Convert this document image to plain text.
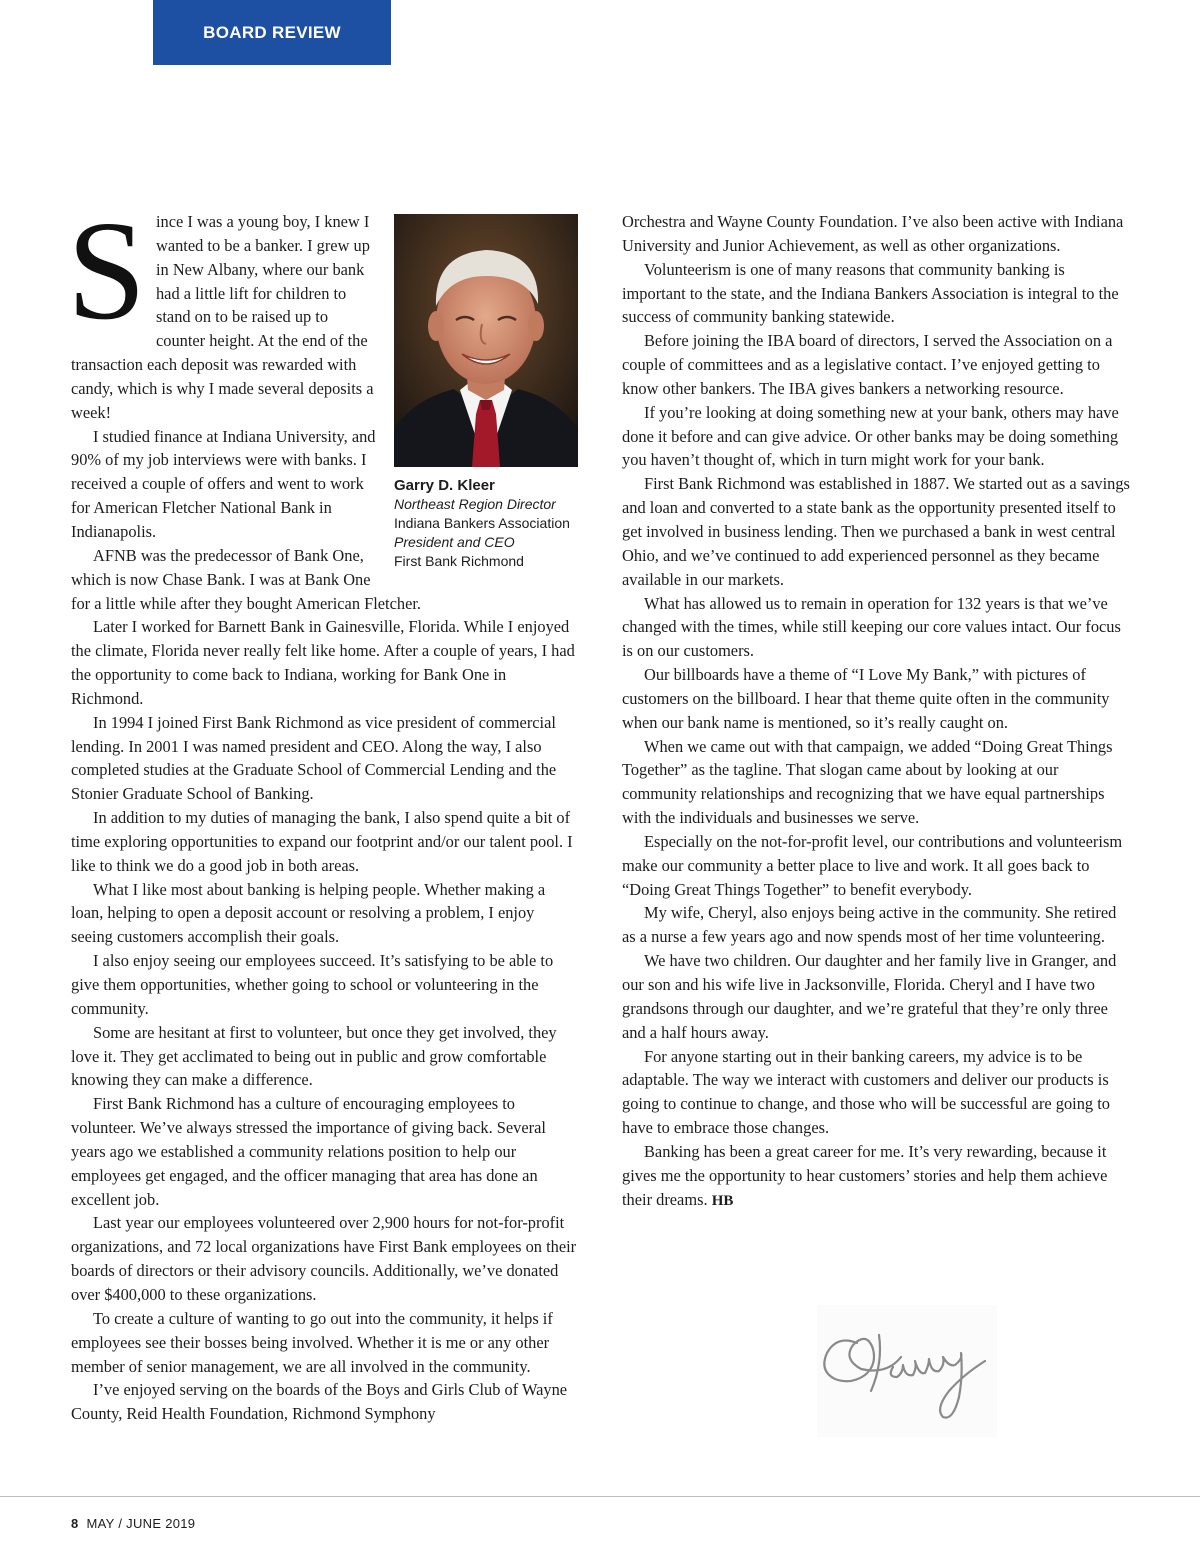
BOARD REVIEW
Garry D. Kleer
Northeast Region Director
Indiana Bankers Association
President and CEO
First Bank Richmond

Since I was a young boy, I knew I wanted to be a banker. I grew up in New Albany, where our bank had a little lift for children to stand on to be raised up to counter height. At the end of the transaction each deposit was rewarded with candy, which is why I made several deposits a week!

I studied finance at Indiana University, and 90% of my job interviews were with banks. I received a couple of offers and went to work for American Fletcher National Bank in Indianapolis.

AFNB was the predecessor of Bank One, which is now Chase Bank. I was at Bank One for a little while after they bought American Fletcher.

Later I worked for Barnett Bank in Gainesville, Florida. While I enjoyed the climate, Florida never really felt like home. After a couple of years, I had the opportunity to come back to Indiana, working for Bank One in Richmond.

In 1994 I joined First Bank Richmond as vice president of commercial lending. In 2001 I was named president and CEO. Along the way, I also completed studies at the Graduate School of Commercial Lending and the Stonier Graduate School of Banking.

In addition to my duties of managing the bank, I also spend quite a bit of time exploring opportunities to expand our footprint and/or our talent pool. I like to think we do a good job in both areas.

What I like most about banking is helping people. Whether making a loan, helping to open a deposit account or resolving a problem, I enjoy seeing customers accomplish their goals.

I also enjoy seeing our employees succeed. It’s satisfying to be able to give them opportunities, whether going to school or volunteering in the community.

Some are hesitant at first to volunteer, but once they get involved, they love it. They get acclimated to being out in public and grow comfortable knowing they can make a difference.

First Bank Richmond has a culture of encouraging employees to volunteer. We’ve always stressed the importance of giving back. Several years ago we established a community relations position to help our employees get engaged, and the officer managing that area has done an excellent job.

Last year our employees volunteered over 2,900 hours for not-for-profit organizations, and 72 local organizations have First Bank employees on their boards of directors or their advisory councils. Additionally, we’ve donated over $400,000 to these organizations.

To create a culture of wanting to go out into the community, it helps if employees see their bosses being involved. Whether it is me or any other member of senior management, we are all involved in the community.

I’ve enjoyed serving on the boards of the Boys and Girls Club of Wayne County, Reid Health Foundation, Richmond Symphony

Orchestra and Wayne County Foundation. I’ve also been active with Indiana University and Junior Achievement, as well as other organizations.

Volunteerism is one of many reasons that community banking is important to the state, and the Indiana Bankers Association is integral to the success of community banking statewide.

Before joining the IBA board of directors, I served the Association on a couple of committees and as a legislative contact. I’ve enjoyed getting to know other bankers. The IBA gives bankers a networking resource.

If you’re looking at doing something new at your bank, others may have done it before and can give advice. Or other banks may be doing something you haven’t thought of, which in turn might work for your bank.

First Bank Richmond was established in 1887. We started out as a savings and loan and converted to a state bank as the opportunity presented itself to get involved in business lending. Then we purchased a bank in west central Ohio, and we’ve continued to add experienced personnel as they became available in our markets.

What has allowed us to remain in operation for 132 years is that we’ve changed with the times, while still keeping our core values intact. Our focus is on our customers.

Our billboards have a theme of “I Love My Bank,” with pictures of customers on the billboard. I hear that theme quite often in the community when our bank name is mentioned, so it’s really caught on.

When we came out with that campaign, we added “Doing Great Things Together” as the tagline. That slogan came about by looking at our community relationships and recognizing that we have equal partnerships with the individuals and businesses we serve.

Especially on the not-for-profit level, our contributions and volunteerism make our community a better place to live and work. It all goes back to “Doing Great Things Together” to benefit everybody.

My wife, Cheryl, also enjoys being active in the community. She retired as a nurse a few years ago and now spends most of her time volunteering.

We have two children. Our daughter and her family live in Granger, and our son and his wife live in Jacksonville, Florida. Cheryl and I have two grandsons through our daughter, and we’re grateful that they’re only three and a half hours away.

For anyone starting out in their banking careers, my advice is to be adaptable. The way we interact with customers and deliver our products is going to continue to change, and those who will be successful are going to have to embrace those changes.

Banking has been a great career for me. It’s very rewarding, because it gives me the opportunity to hear customers’ stories and help them achieve their dreams. HB

8 MAY / JUNE 2019
